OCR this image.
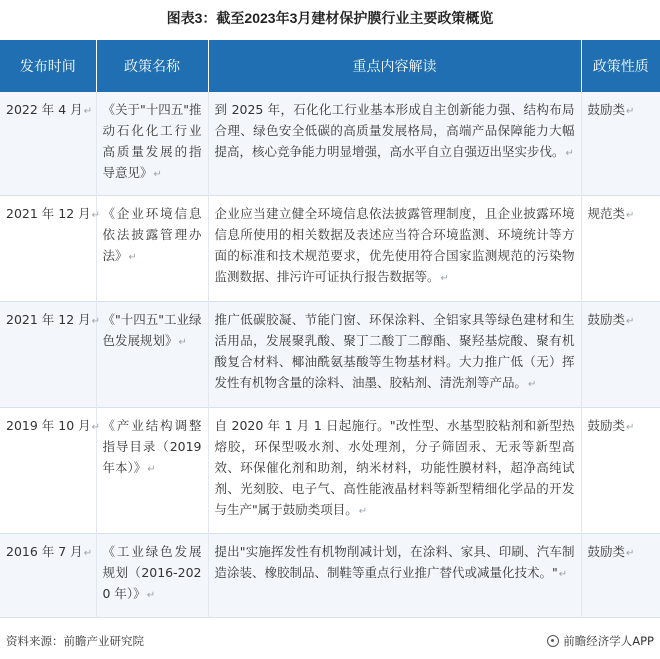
图表3：截至2023年3月建材保护膜行业主要政策概览
发布时间	政策名称	重点内容解读	政策性质
2022 年 4 月↵	《关于"十四五"推动石化化工行业高质量发展的指导意见》↵	到 2025 年，石化化工行业基本形成自主创新能力强、结构布局合理、绿色安全低碳的高质量发展格局，高端产品保障能力大幅提高，核心竞争能力明显增强，高水平自立自强迈出坚实步伐。↵	鼓励类↵
2021 年 12 月↵	《企业环境信息依法披露管理办法》↵	企业应当建立健全环境信息依法披露管理制度，且企业披露环境信息所使用的相关数据及表述应当符合环境监测、环境统计等方面的标准和技术规范要求，优先使用符合国家监测规范的污染物监测数据、排污许可证执行报告数据等。↵	规范类↵
2021 年 12 月↵	《"十四五"工业绿色发展规划》↵	推广低碳胶凝、节能门窗、环保涂料、全铝家具等绿色建材和生活用品，发展聚乳酸、聚丁二酸丁二醇酯、聚羟基烷酸、聚有机酸复合材料、椰油酰氨基酸等生物基材料。大力推广低（无）挥发性有机物含量的涂料、油墨、胶粘剂、清洗剂等产品。↵	鼓励类↵
2019 年 10 月↵	《产业结构调整指导目录（2019 年本）》↵	自 2020 年 1 月 1 日起施行。"改性型、水基型胶粘剂和新型热熔胶，环保型吸水剂、水处理剂，分子筛固汞、无汞等新型高效、环保催化剂和助剂，纳米材料，功能性膜材料，超净高纯试剂、光刻胶、电子气、高性能液晶材料等新型精细化学品的开发与生产"属于鼓励类项目。↵	鼓励类↵
2016 年 7 月↵	《工业绿色发展规划（2016-2020 年）》↵	提出"实施挥发性有机物削减计划，在涂料、家具、印刷、汽车制造涂装、橡胶制品、制鞋等重点行业推广替代或减量化技术。"↵	鼓励类↵
资料来源：前瞻产业研究院	前瞻经济学人APP
